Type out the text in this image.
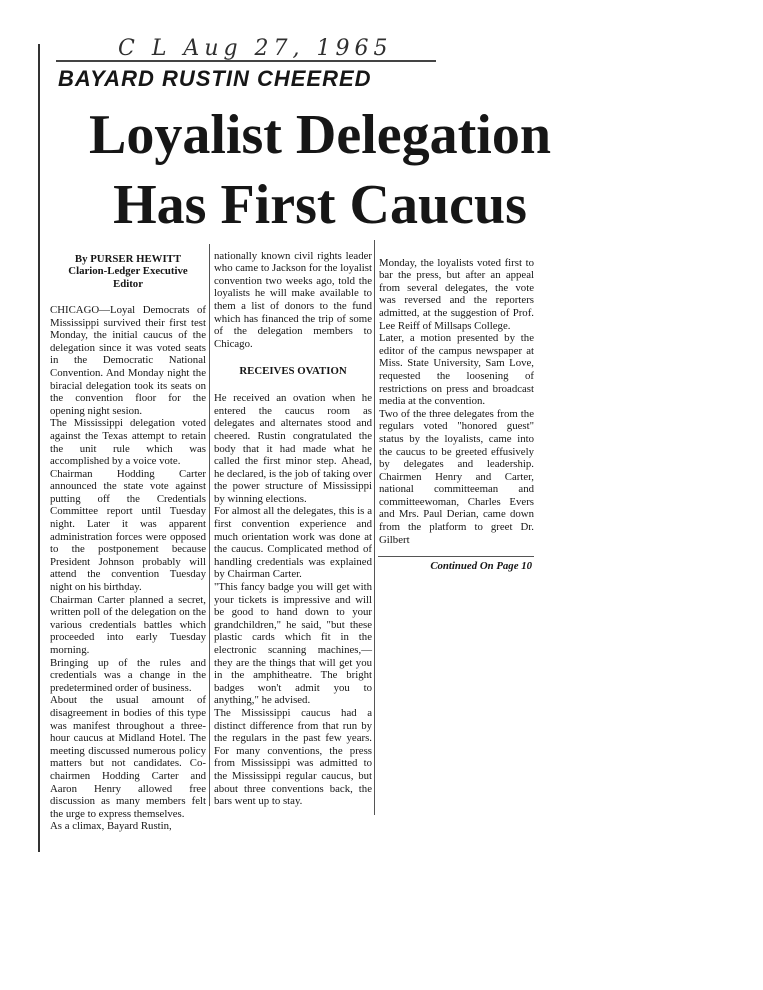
C L Aug 27, 1965
BAYARD RUSTIN CHEERED
Loyalist Delegation
Has First Caucus

By PURSER HEWITT
Clarion-Ledger Executive
Editor

CHICAGO—Loyal Democrats of Mississippi survived their first test Monday, the initial caucus of the delegation since it was voted seats in the Democratic National Convention. And Monday night the biracial delegation took its seats on the convention floor for the opening night sesion.
The Mississippi delegation voted against the Texas attempt to retain the unit rule which was accomplished by a voice vote.
Chairman Hodding Carter announced the state vote against putting off the Credentials Committee report until Tuesday night. Later it was apparent administration forces were opposed to the postponement because President Johnson probably will attend the convention Tuesday night on his birthday.
Chairman Carter planned a secret, written poll of the delegation on the various credentials battles which proceeded into early Tuesday morning.
Bringing up of the rules and credentials was a change in the predetermined order of business.
About the usual amount of disagreement in bodies of this type was manifest throughout a three-hour caucus at Midland Hotel. The meeting discussed numerous policy matters but not candidates. Co-chairmen Hodding Carter and Aaron Henry allowed free discussion as many members felt the urge to express themselves.
As a climax, Bayard Rustin,

nationally known civil rights leader who came to Jackson for the loyalist convention two weeks ago, told the loyalists he will make available to them a list of donors to the fund which has financed the trip of some of the delegation members to Chicago.

RECEIVES OVATION

He received an ovation when he entered the caucus room as delegates and alternates stood and cheered. Rustin congratulated the body that it had made what he called the first minor step. Ahead, he declared, is the job of taking over the power structure of Mississippi by winning elections.
For almost all the delegates, this is a first convention experience and much orientation work was done at the caucus. Complicated method of handling credentials was explained by Chairman Carter.
"This fancy badge you will get with your tickets is impressive and will be good to hand down to your grandchildren," he said, "but these plastic cards which fit in the electronic scanning machines,—they are the things that will get you in the amphitheatre. The bright badges won't admit you to anything," he advised.
The Mississippi caucus had a distinct difference from that run by the regulars in the past few years. For many conventions, the press from Mississippi was admitted to the Mississippi regular caucus, but about three conventions back, the bars went up to stay.

Monday, the loyalists voted first to bar the press, but after an appeal from several delegates, the vote was reversed and the reporters admitted, at the suggestion of Prof. Lee Reiff of Millsaps College.
Later, a motion presented by the editor of the campus newspaper at Miss. State University, Sam Love, requested the loosening of restrictions on press and broadcast media at the convention.
Two of the three delegates from the regulars voted "honored guest" status by the loyalists, came into the caucus to be greeted effusively by delegates and leadership. Chairmen Henry and Carter, national committeeman and committeewoman, Charles Evers and Mrs. Paul Derian, came down from the platform to greet Dr. Gilbert

Continued On Page 10
